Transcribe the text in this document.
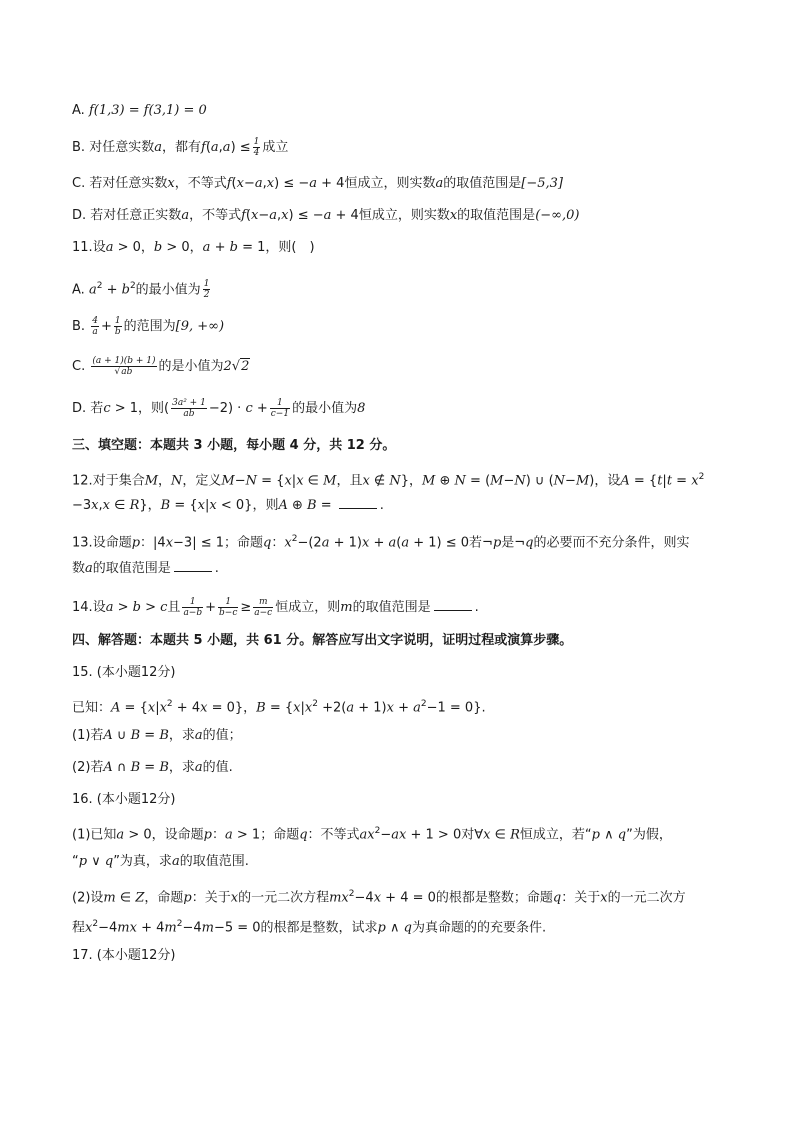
A. f(1,3) = f(3,1) = 0
B. 对任意实数a，都有$f(a,a) \le \frac{1}{4}$ 成立
C. 若对任意实数x，不等式f(x−a,x) ≤ −a + 4恒成立，则实数a的取值范围是[−5,3]
D. 若对任意正实数a，不等式f(x−a,x) ≤ −a + 4恒成立，则实数x的取值范围是(−∞,0)
11.设a > 0，b > 0，a + b = 1，则(　)
A. $a^2 + b^2$的最小值为 $\frac{1}{2}$
B. $\frac{4}{a} + \frac{1}{b}$ 的范围为[9, +∞)
C. $\frac{(a + 1)(b + 1)}{√ab}$ 的是小值为2√2
D. 若c > 1，则( $\frac{\text{3a² + 1}}{ab} -2) \cdot c + \frac{1}{c-1}$ 的最小值为8
三、填空题：本题共 3 小题，每小题 4 分，共 12 分。
12.对于集合M，N，定义M−N = {x|x ∈ M，且x ∉ N}，M ⊕ N = (M−N) ∪ (N−M)，设$A = \{t|t = x^2$
−3x,x ∈ R}，B = {x|x < 0}，则A ⊕ B =	.
13.设命题p：|4x−3| ≤ 1；命题q：$x^2-(2a + 1)x + a(a + 1) \le 0$若¬p是¬q的必要而不充分条件，则实
数a的取值范围是	.
14.设a > b > c且 $\frac{1}{a-b} + \frac{1}{b-c} \ge \frac{m}{a-c}$ 恒成立，则m的取值范围是	.
四、解答题：本题共 5 小题，共 61 分。解答应写出文字说明，证明过程或演算步骤。
15. (本小题12分)
已知：$A = \{x|x^2 + 4x = 0\}$，$B = \{x|x^2 +2(a + 1)x + a^2-1 = 0\}$.
(1)若A ∪ B = B，求a的值；
(2)若A ∩ B = B，求a的值.
16. (本小题12分)
(1)已知a > 0，设命题p：a > 1；命题q：不等式$ax^2-ax + 1 > 0$对∀x ∈ R恒成立，若“p ∧ q”为假，
“p ∨ q”为真，求a的取值范围.
(2)设m ∈ Z，命题p：关于x的一元二次方程$mx^2-4x + 4 = 0$的根都是整数；命题q：关于x的一元二次方
程$x^2-4mx + 4m^2-4m-5 = 0$的根都是整数，试求p ∧ q为真命题的的充要条件.
17. (本小题12分)
